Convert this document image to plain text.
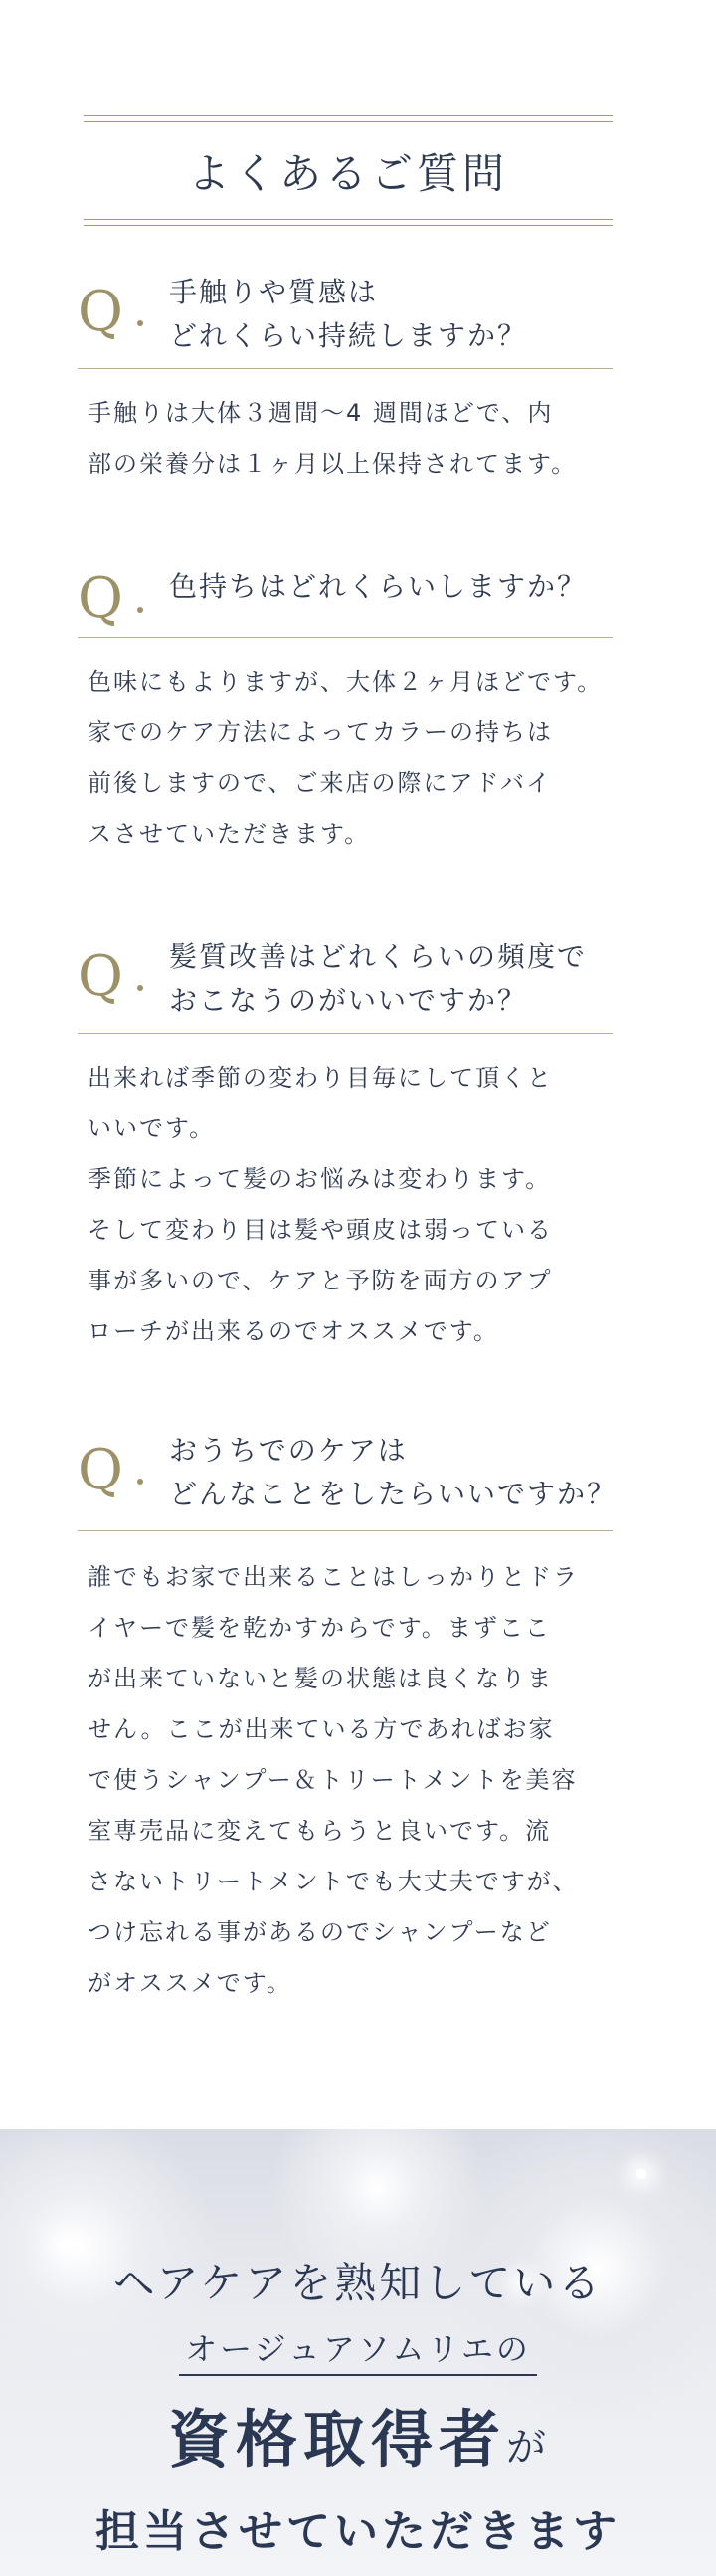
よくあるご質問
Q 手触りや質感は
どれくらい持続しますか？
手触りは大体３週間〜4 週間ほどで、内
部の栄養分は１ヶ月以上保持されてます。
Q 色持ちはどれくらいしますか？
色味にもよりますが、大体２ヶ月ほどです。
家でのケア方法によってカラーの持ちは
前後しますので、ご来店の際にアドバイ
スさせていただきます。
Q 髪質改善はどれくらいの頻度で
おこなうのがいいですか？
出来れば季節の変わり目毎にして頂くと
いいです。
季節によって髪のお悩みは変わります。
そして変わり目は髪や頭皮は弱っている
事が多いので、ケアと予防を両方のアプ
ローチが出来るのでオススメです。
Q おうちでのケアは
どんなことをしたらいいですか？
誰でもお家で出来ることはしっかりとドラ
イヤーで髪を乾かすからです。まずここ
が出来ていないと髪の状態は良くなりま
せん。ここが出来ている方であればお家
で使うシャンプー＆トリートメントを美容
室専売品に変えてもらうと良いです。流
さないトリートメントでも大丈夫ですが、
つけ忘れる事があるのでシャンプーなど
がオススメです。
ヘアケアを熟知している
オージュアソムリエの
資格取得者が
担当させていただきます
